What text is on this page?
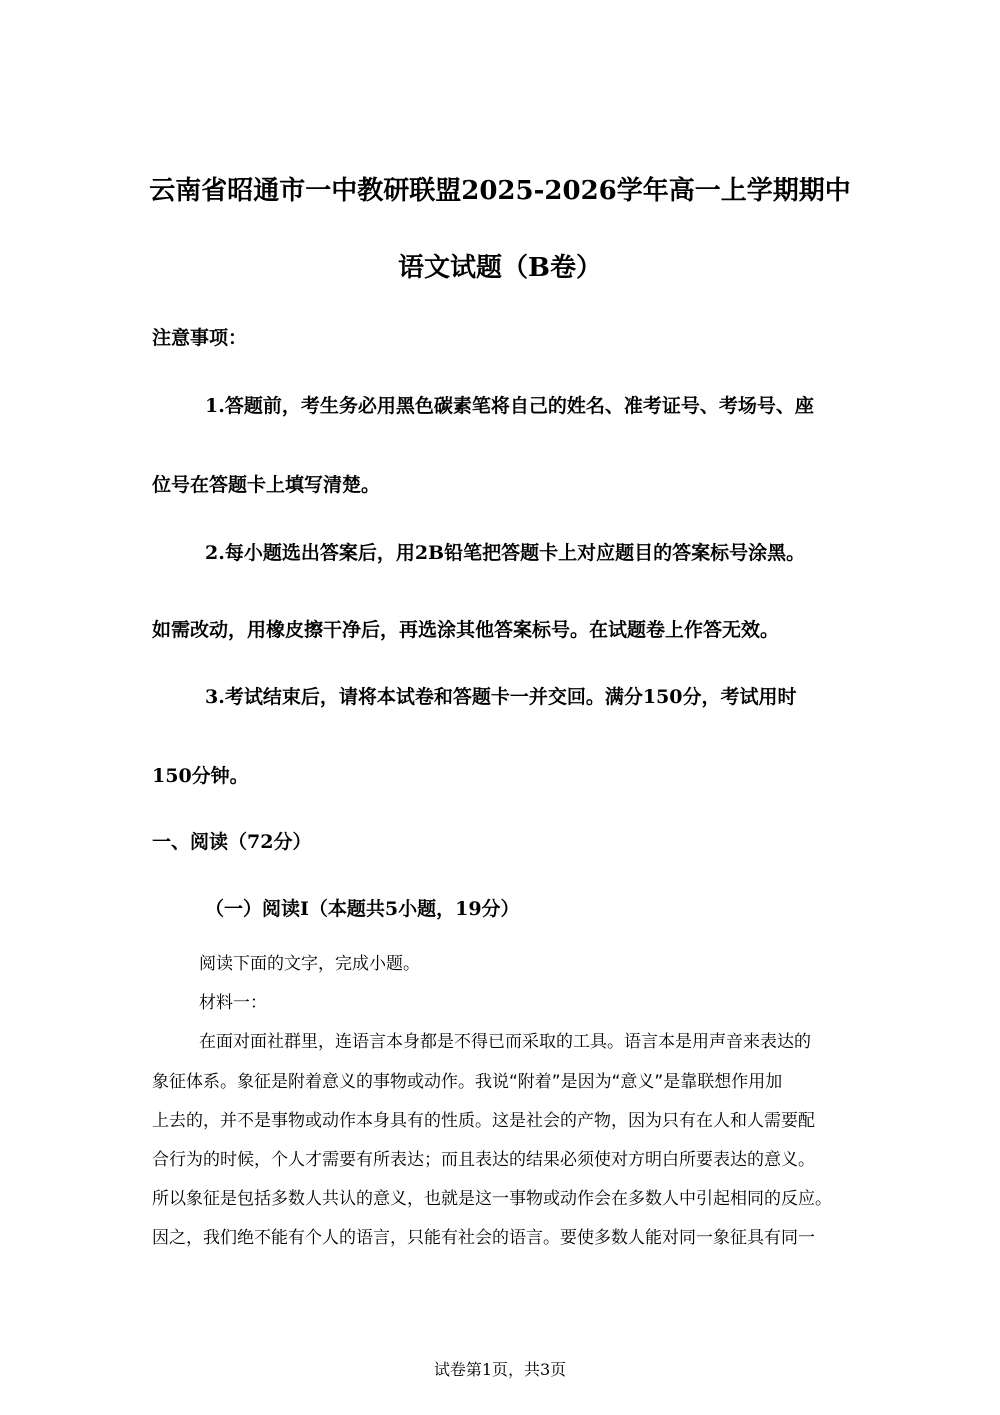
云南省昭通市一中教研联盟2025-2026学年高一上学期期中
语文试题（B卷）
注意事项：
1.答题前，考生务必用黑色碳素笔将自己的姓名、准考证号、考场号、座
位号在答题卡上填写清楚。
2.每小题选出答案后，用2B铅笔把答题卡上对应题目的答案标号涂黑。
如需改动，用橡皮擦干净后，再选涂其他答案标号。在试题卷上作答无效。
3.考试结束后，请将本试卷和答题卡一并交回。满分150分，考试用时
150分钟。
一、阅读（72分）
（一）阅读I（本题共5小题，19分）
阅读下面的文字，完成小题。
材料一：
在面对面社群里，连语言本身都是不得已而采取的工具。语言本是用声音来表达的
象征体系。象征是附着意义的事物或动作。我说“附着”是因为“意义”是靠联想作用加
上去的，并不是事物或动作本身具有的性质。这是社会的产物，因为只有在人和人需要配
合行为的时候，个人才需要有所表达；而且表达的结果必须使对方明白所要表达的意义。
所以象征是包括多数人共认的意义，也就是这一事物或动作会在多数人中引起相同的反应。
因之，我们绝不能有个人的语言，只能有社会的语言。要使多数人能对同一象征具有同一
试卷第1页，共3页
